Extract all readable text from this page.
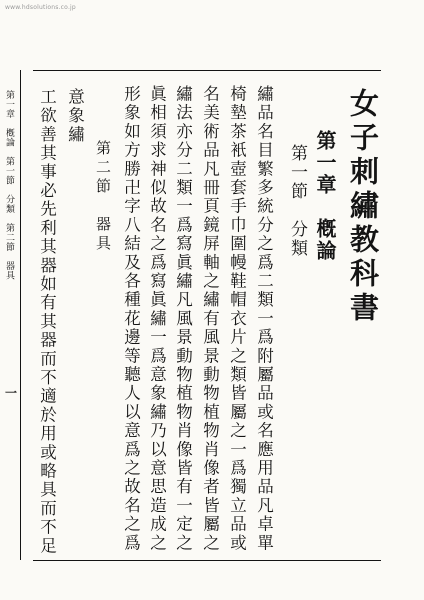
www.hdsolutions.co.jp
女子刺繡教科書
第一章　槪論
第一節　分類
繡品名目繁多統分之爲二類一爲附屬品或名應用品凡卓單
椅墊茶衹壺套手巾圍幔鞋帽衣片之類皆屬之一爲獨立品或
名美術品凡冊頁鏡屏軸之繡有風景動物植物肖像者皆屬之
繡法亦分二類一爲寫眞繡凡風景動物植物肖像皆有一定之
眞相須求神似故名之爲寫眞繡一爲意象繡乃以意思造成之
形象如方勝卍字八結及各種花邊等聽人以意爲之故名之爲
意象繡
第二節　器具
工欲善其事必先利其器如有其器而不適於用或略具而不足
第一章　槪論　第一節　分類　第二節　器具
一
